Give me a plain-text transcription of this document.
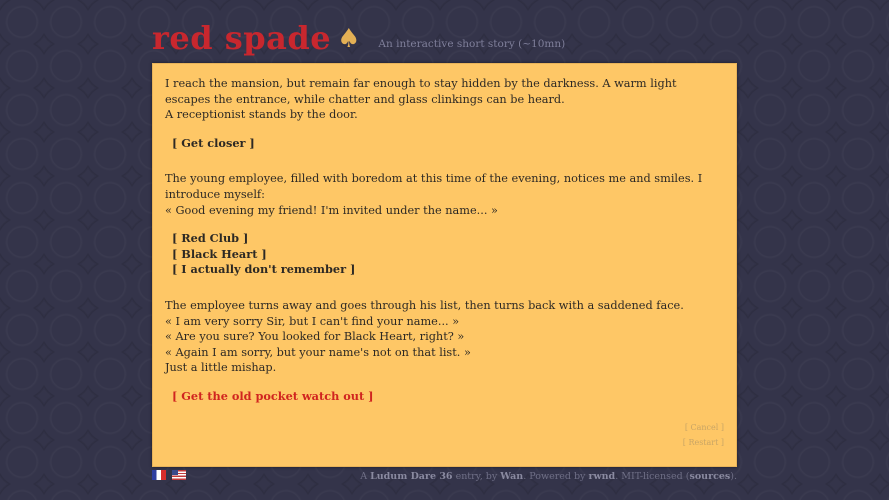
red spade ♠ An interactive short story (~10mn)

I reach the mansion, but remain far enough to stay hidden by the darkness. A warm light escapes the entrance, while chatter and glass clinkings can be heard.
A receptionist stands by the door.

[ Get closer ]

The young employee, filled with boredom at this time of the evening, notices me and smiles. I introduce myself:
« Good evening my friend! I'm invited under the name... »

[ Red Club ]
[ Black Heart ]
[ I actually don't remember ]

The employee turns away and goes through his list, then turns back with a saddened face.
« I am very sorry Sir, but I can't find your name... »
« Are you sure? You looked for Black Heart, right? »
« Again I am sorry, but your name's not on that list. »
Just a little mishap.

[ Get the old pocket watch out ]
[ Cancel ]
[ Restart ]
A Ludum Dare 36 entry, by Wan. Powered by rwnd. MIT-licensed (sources).
